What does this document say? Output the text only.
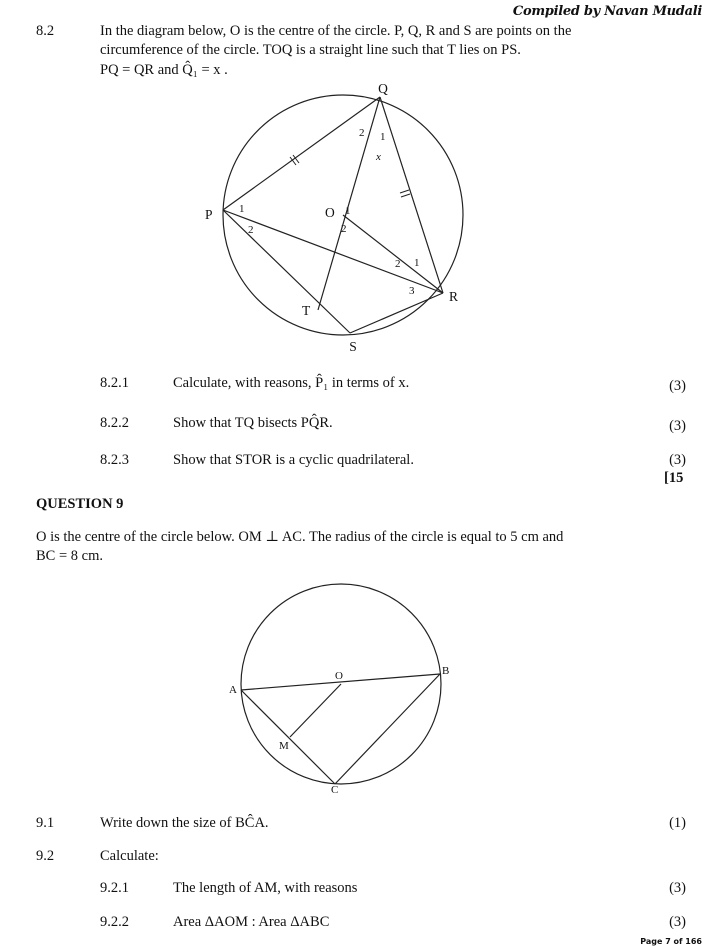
Compiled by Navan Mudali
8.2	In the diagram below, O is the centre of the circle. P, Q, R and S are points on the
circumference of the circle. TOQ is a straight line such that T lies on PS.
PQ = QR and Q̂₁ = x .
Q
P
R
S
T
O
2 1
x
1
2
1
2
2 1
3
8.2.1	Calculate, with reasons, P̂₁ in terms of x.	(3)
8.2.2	Show that TQ bisects PQ̂R.	(3)
8.2.3	Show that STOR is a cyclic quadrilateral.	(3)
[15
QUESTION 9
O is the centre of the circle below. OM ⊥ AC. The radius of the circle is equal to 5 cm and
BC = 8 cm.
O
A
B
M
C
9.1	Write down the size of BĈA.	(1)
9.2	Calculate:
9.2.1	The length of AM, with reasons	(3)
9.2.2	Area ΔAOM : Area ΔABC	(3)
Page 7 of 166
